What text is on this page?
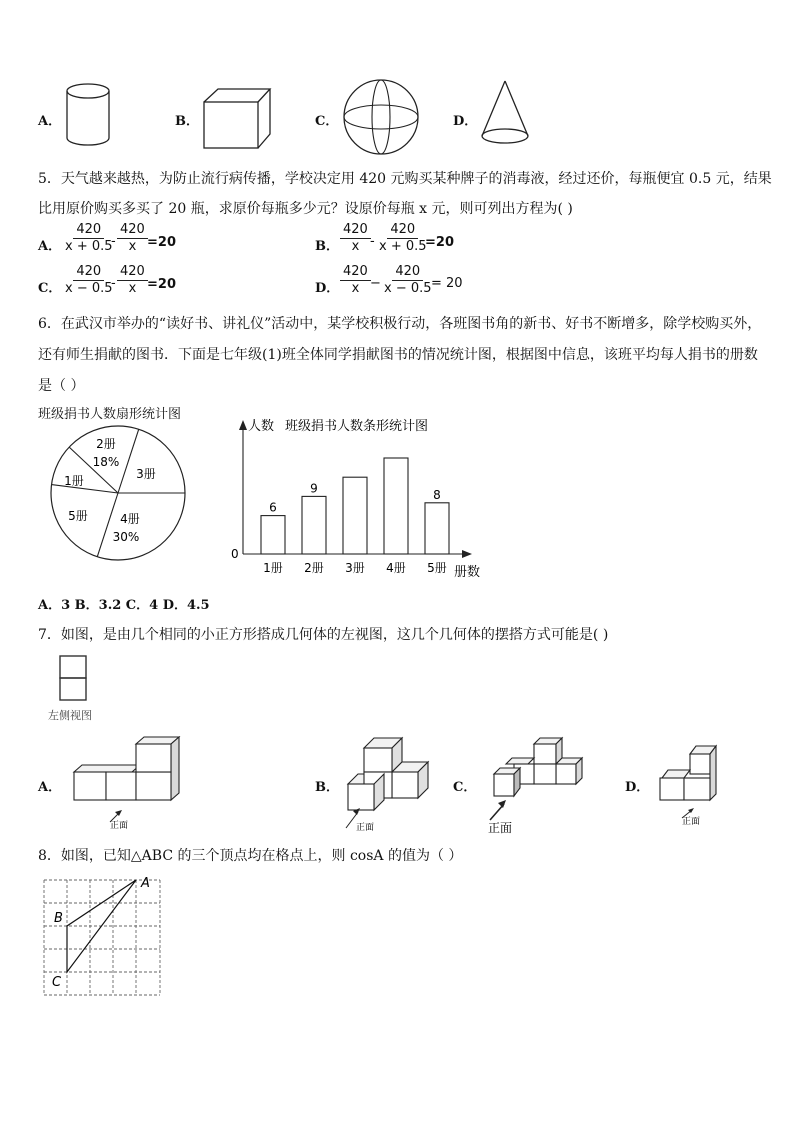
A．	B．	C．	D．
5．天气越来越热，为防止流行病传播，学校决定用 420 元购买某种牌子的消毒液，经过还价，每瓶便宜 0.5 元，结果
比用原价购买多买了 20 瓶，求原价每瓶多少元？设原价每瓶 x 元，则可列出方程为( )
A． $\frac{420}{x + 0.5}$
- $\frac{420}{x} =20$	B． $\frac{420}{x} - \frac{420}{x + 0.5}$
=20
C． $\frac{420}{x - 0.5}$
- $\frac{420}{x} =20$	D． $\frac{420}{x} - \frac{420}{x - 0.5}$
= 20
6．在武汉市举办的“读好书、讲礼仪”活动中，某学校积极行动，各班图书角的新书、好书不断增多，除学校购买外，
还有师生捐献的图书．下面是七年级(1)班全体同学捐献图书的情况统计图，根据图中信息，该班平均每人捐书的册数
是（ ）
班级捐书人数扇形统计图
2册
18%
3册
4册
30%
5册
1册
人数 班级捐书人数条形统计图
0
册数
1册
6
2册
9
3册 4册 5册
8
A．3 B．3.2 C．4 D．4.5
7．如图，是由几个相同的小正方形搭成几何体的左视图，这几个几何体的摆搭方式可能是( )
左侧视图
A．
正面
B．
正面
C．
正面
D．
正面
8．如图，已知△ABC 的三个顶点均在格点上，则 cosA 的值为（ ）
A
B
C
